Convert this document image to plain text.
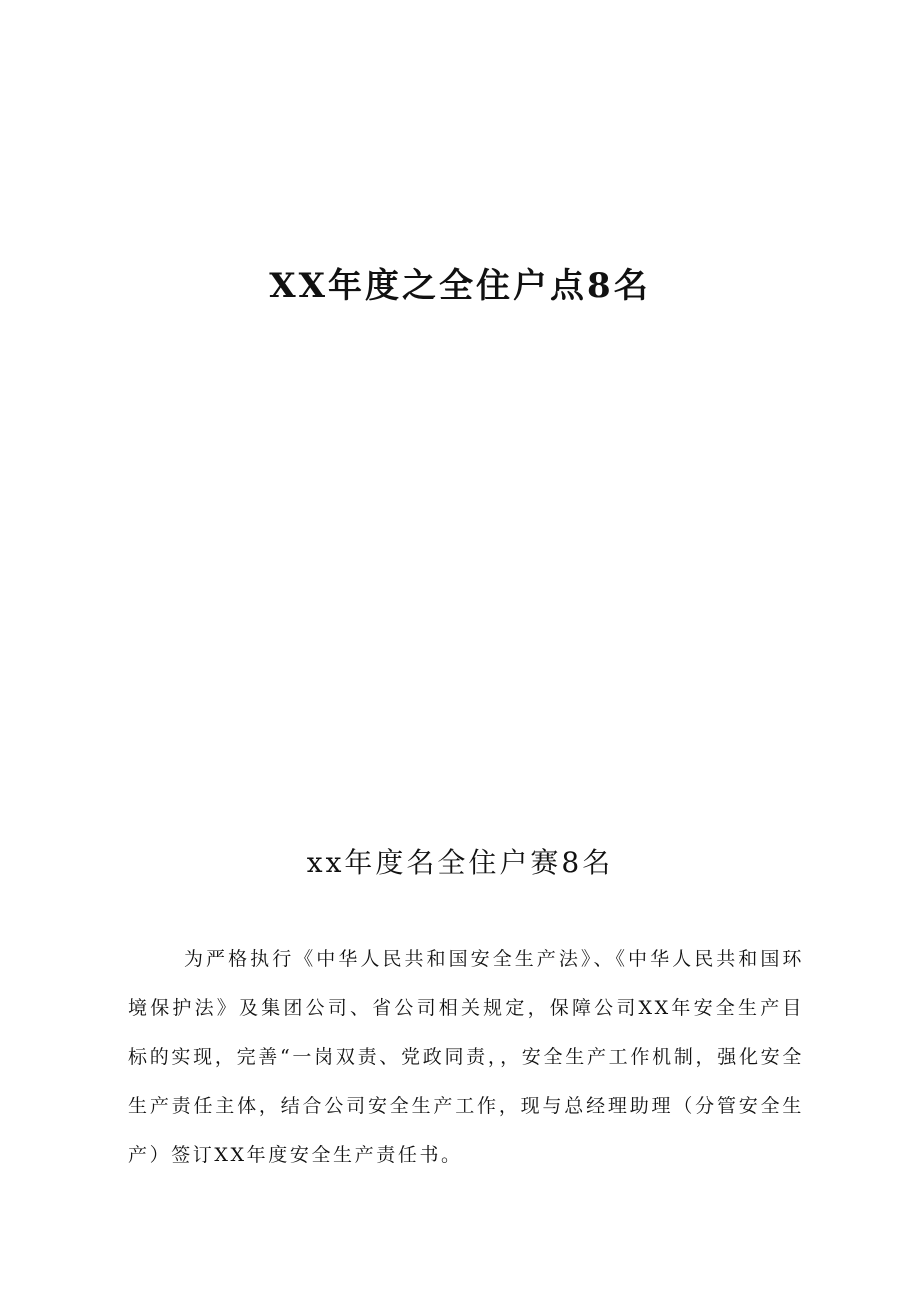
XX年度之全住户点8名
xx年度名全住户赛8名

为严格执行《中华人民共和国安全生产法》、《中华人民共和国环境保护法》及集团公司、省公司相关规定，保障公司XX年安全生产目标的实现，完善“一岗双责、党政同责，，安全生产工作机制，强化安全生产责任主体，结合公司安全生产工作，现与总经理助理（分管安全生产）签订XX年度安全生产责任书。
